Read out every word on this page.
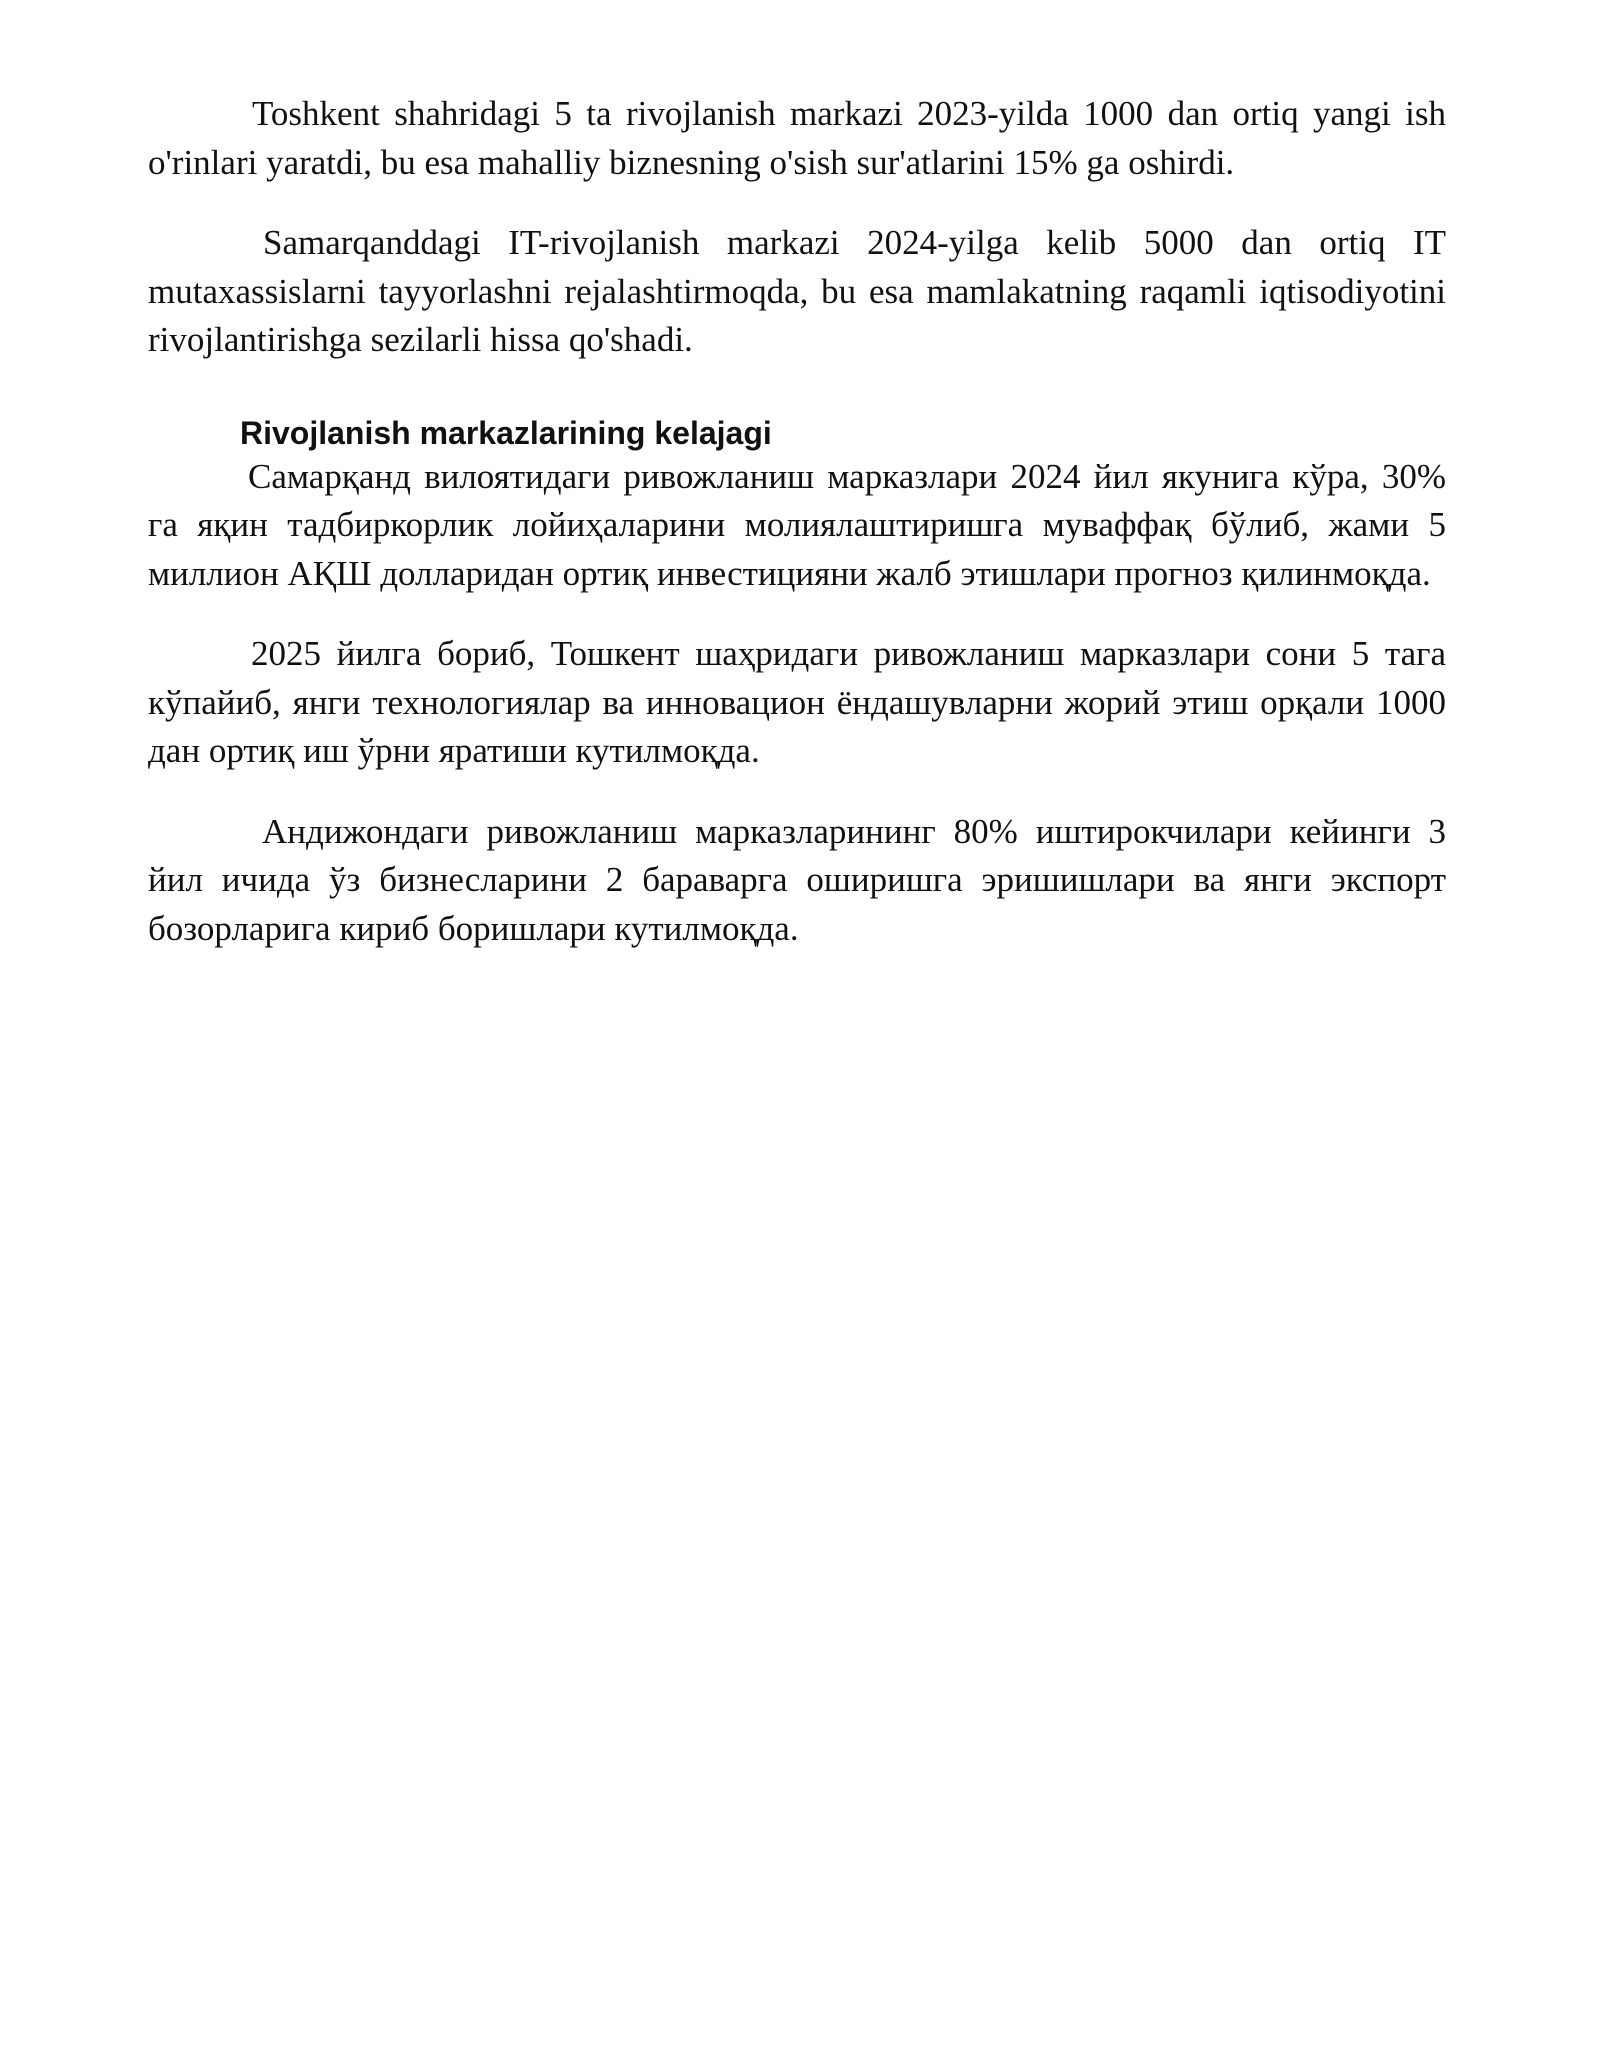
Toshkent shahridagi 5 ta rivojlanish markazi 2023-yilda 1000 dan ortiq yangi ish o'rinlari yaratdi, bu esa mahalliy biznesning o'sish sur'atlarini 15% ga oshirdi.

Samarqanddagi IT-rivojlanish markazi 2024-yilga kelib 5000 dan ortiq IT mutaxassislarni tayyorlashni rejalashtirmoqda, bu esa mamlakatning raqamli iqtisodiyotini rivojlantirishga sezilarli hissa qo'shadi.

Rivojlanish markazlarining kelajagi

Самарқанд вилоятидаги ривожланиш марказлари 2024 йил якунига кўра, 30% га яқин тадбиркорлик лойиҳаларини молиялаштиришга муваффақ бўлиб, жами 5 миллион АҚШ долларидан ортиқ инвестицияни жалб этишлари прогноз қилинмоқда.

2025 йилга бориб, Тошкент шаҳридаги ривожланиш марказлари сони 5 тага кўпайиб, янги технологиялар ва инновацион ёндашувларни жорий этиш орқали 1000 дан ортиқ иш ўрни яратиши кутилмоқда.

Андижондаги ривожланиш марказларининг 80% иштирокчилари кейинги 3 йил ичида ўз бизнесларини 2 бараварга оширишга эришишлари ва янги экспорт бозорларига кириб боришлари кутилмоқда.
